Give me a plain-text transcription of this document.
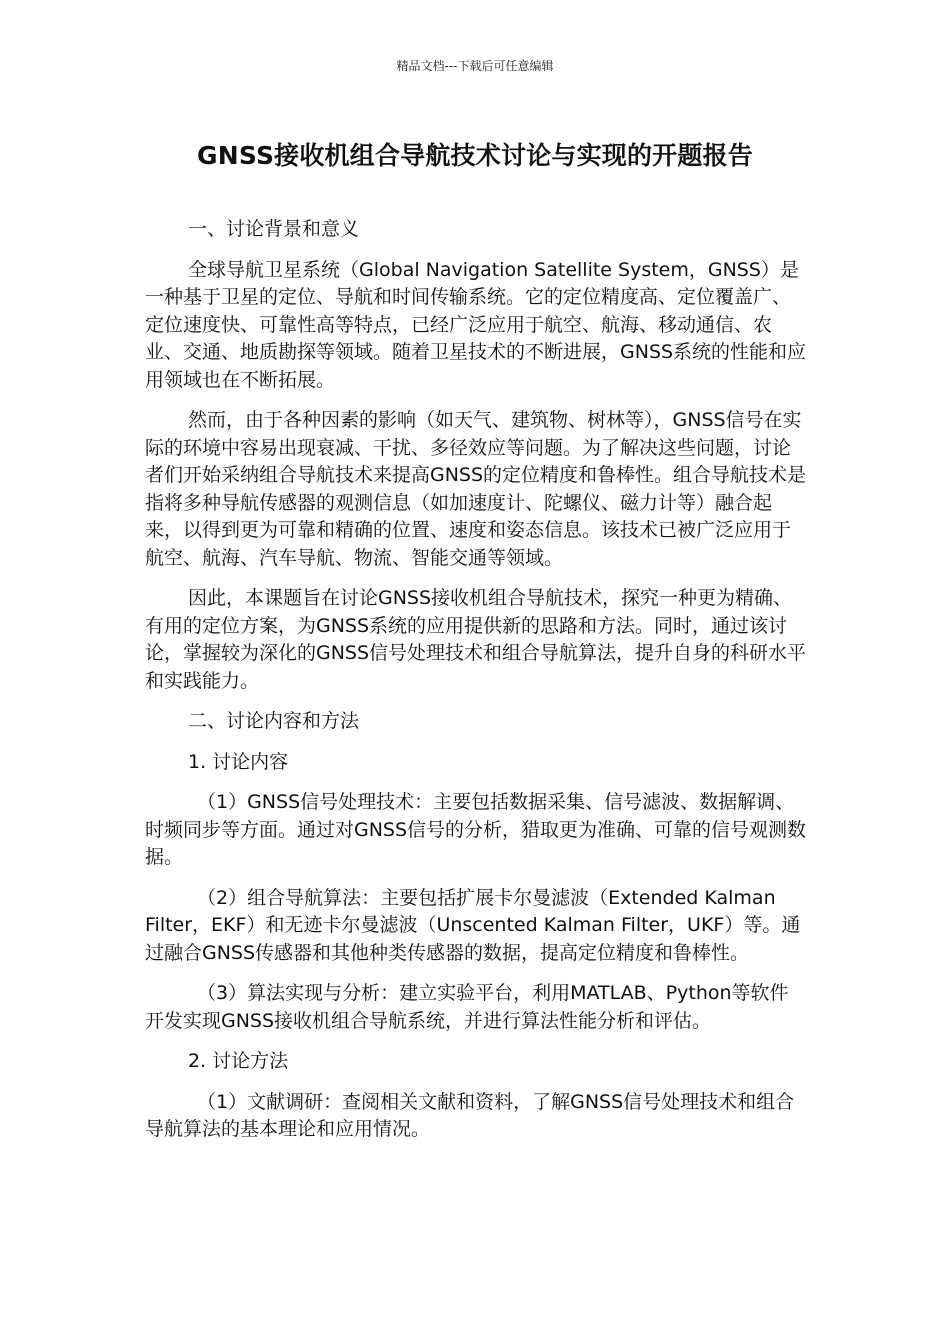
精品文档---下载后可任意编辑
GNSS接收机组合导航技术讨论与实现的开题报告

一、讨论背景和意义

全球导航卫星系统（Global Navigation Satellite System，GNSS）是一种基于卫星的定位、导航和时间传输系统。它的定位精度高、定位覆盖广、定位速度快、可靠性高等特点，已经广泛应用于航空、航海、移动通信、农业、交通、地质勘探等领域。随着卫星技术的不断进展，GNSS系统的性能和应用领域也在不断拓展。

然而，由于各种因素的影响（如天气、建筑物、树林等），GNSS信号在实际的环境中容易出现衰减、干扰、多径效应等问题。为了解决这些问题，讨论者们开始采纳组合导航技术来提高GNSS的定位精度和鲁棒性。组合导航技术是指将多种导航传感器的观测信息（如加速度计、陀螺仪、磁力计等）融合起来，以得到更为可靠和精确的位置、速度和姿态信息。该技术已被广泛应用于航空、航海、汽车导航、物流、智能交通等领域。

因此，本课题旨在讨论GNSS接收机组合导航技术，探究一种更为精确、有用的定位方案，为GNSS系统的应用提供新的思路和方法。同时，通过该讨论，掌握较为深化的GNSS信号处理技术和组合导航算法，提升自身的科研水平和实践能力。

二、讨论内容和方法

1. 讨论内容

（1）GNSS信号处理技术：主要包括数据采集、信号滤波、数据解调、时频同步等方面。通过对GNSS信号的分析，猎取更为准确、可靠的信号观测数据。

（2）组合导航算法：主要包括扩展卡尔曼滤波（Extended Kalman Filter，EKF）和无迹卡尔曼滤波（Unscented Kalman Filter，UKF）等。通过融合GNSS传感器和其他种类传感器的数据，提高定位精度和鲁棒性。

（3）算法实现与分析：建立实验平台，利用MATLAB、Python等软件开发实现GNSS接收机组合导航系统，并进行算法性能分析和评估。

2. 讨论方法

（1）文献调研：查阅相关文献和资料，了解GNSS信号处理技术和组合导航算法的基本理论和应用情况。
